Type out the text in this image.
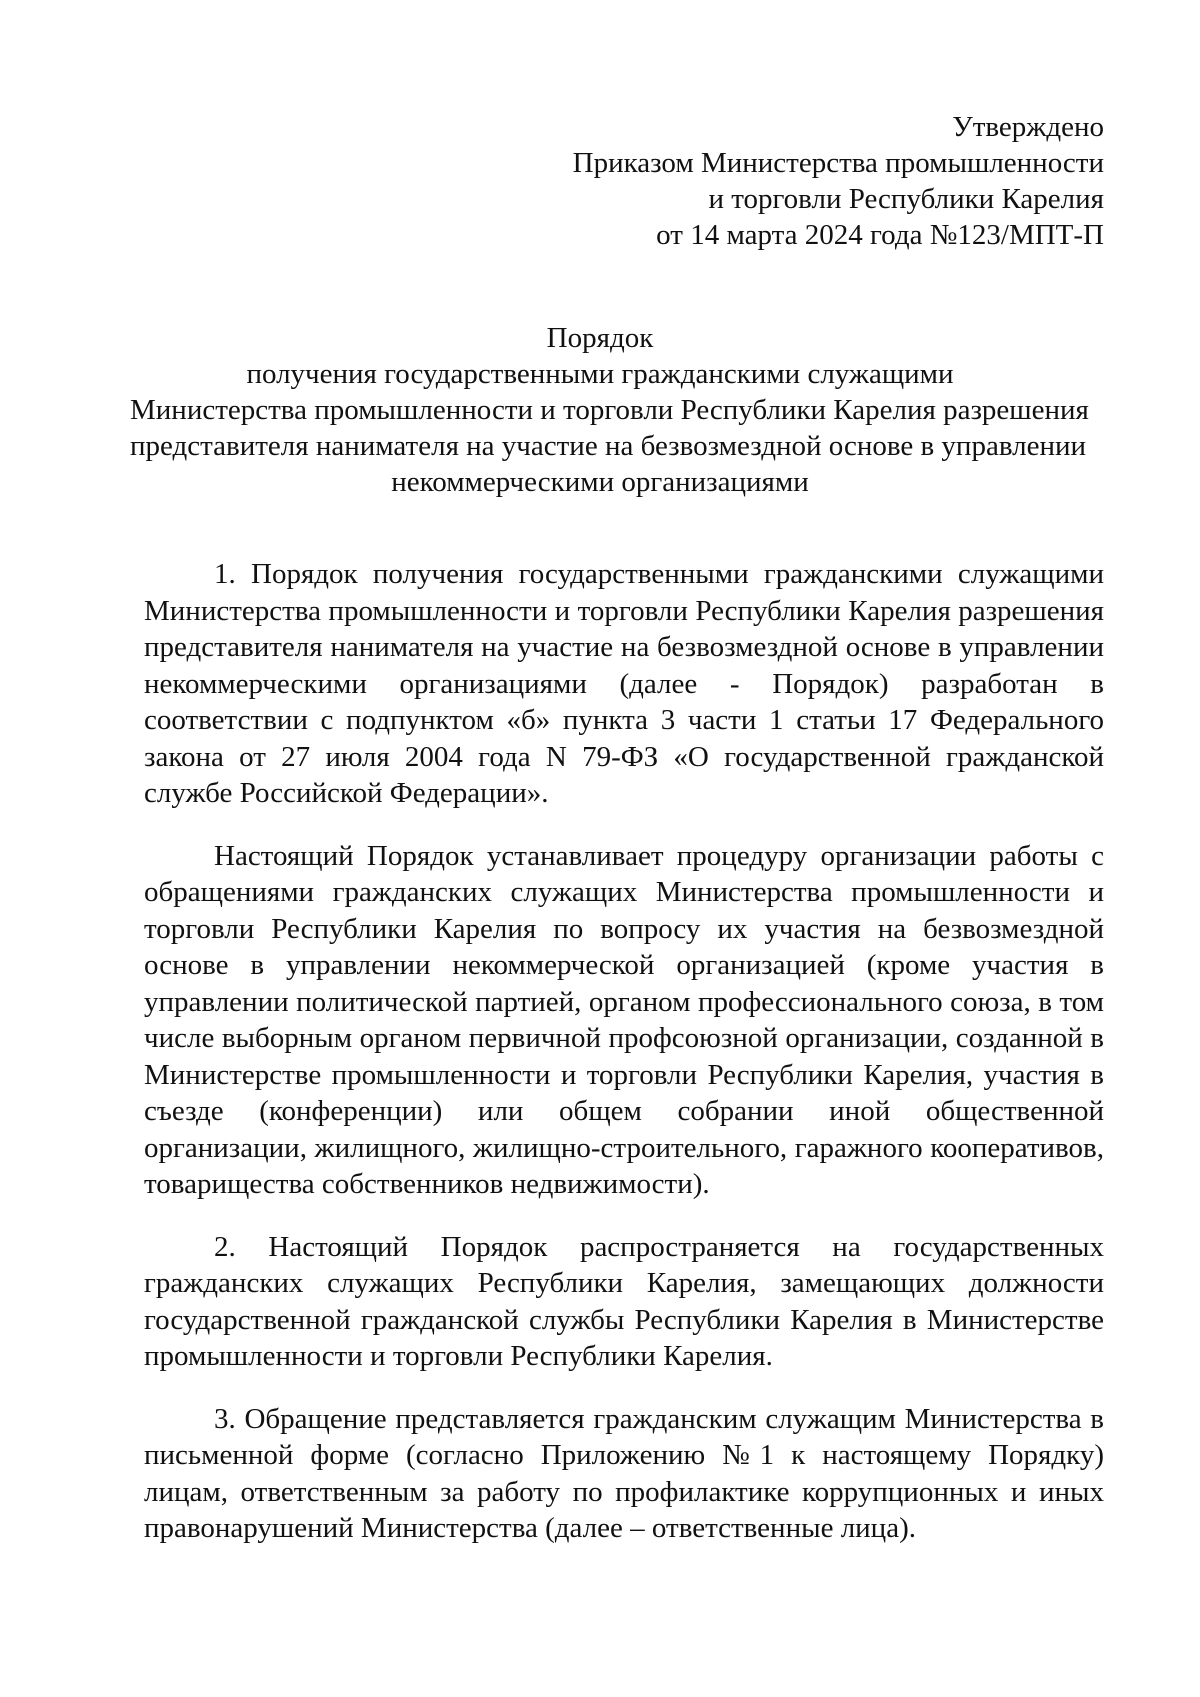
Утверждено
Приказом Министерства промышленности
и торговли Республики Карелия
от 14 марта 2024 года №123/МПТ-П
Порядок
получения государственными гражданскими служащими
Министерства промышленности и торговли Республики Карелия разрешения
представителя нанимателя на участие на безвозмездной основе в управлении
некоммерческими организациями

1. Порядок получения государственными гражданскими служащими Министерства промышленности и торговли Республики Карелия разрешения представителя нанимателя на участие на безвозмездной основе в управлении некоммерческими организациями (далее - Порядок) разработан в соответствии с подпунктом «б» пункта 3 части 1 статьи 17 Федерального закона от 27 июля 2004 года N 79-ФЗ «О государственной гражданской службе Российской Федерации».

Настоящий Порядок устанавливает процедуру организации работы с обращениями гражданских служащих Министерства промышленности и торговли Республики Карелия по вопросу их участия на безвозмездной основе в управлении некоммерческой организацией (кроме участия в управлении политической партией, органом профессионального союза, в том числе выборным органом первичной профсоюзной организации, созданной в Министерстве промышленности и торговли Республики Карелия, участия в съезде (конференции) или общем собрании иной общественной организации, жилищного, жилищно-строительного, гаражного кооперативов, товарищества собственников недвижимости).

2. Настоящий Порядок распространяется на государственных гражданских служащих Республики Карелия, замещающих должности государственной гражданской службы Республики Карелия в Министерстве промышленности и торговли Республики Карелия.

3. Обращение представляется гражданским служащим Министерства в письменной форме (согласно Приложению №1 к настоящему Порядку) лицам, ответственным за работу по профилактике коррупционных и иных правонарушений Министерства (далее – ответственные лица).
